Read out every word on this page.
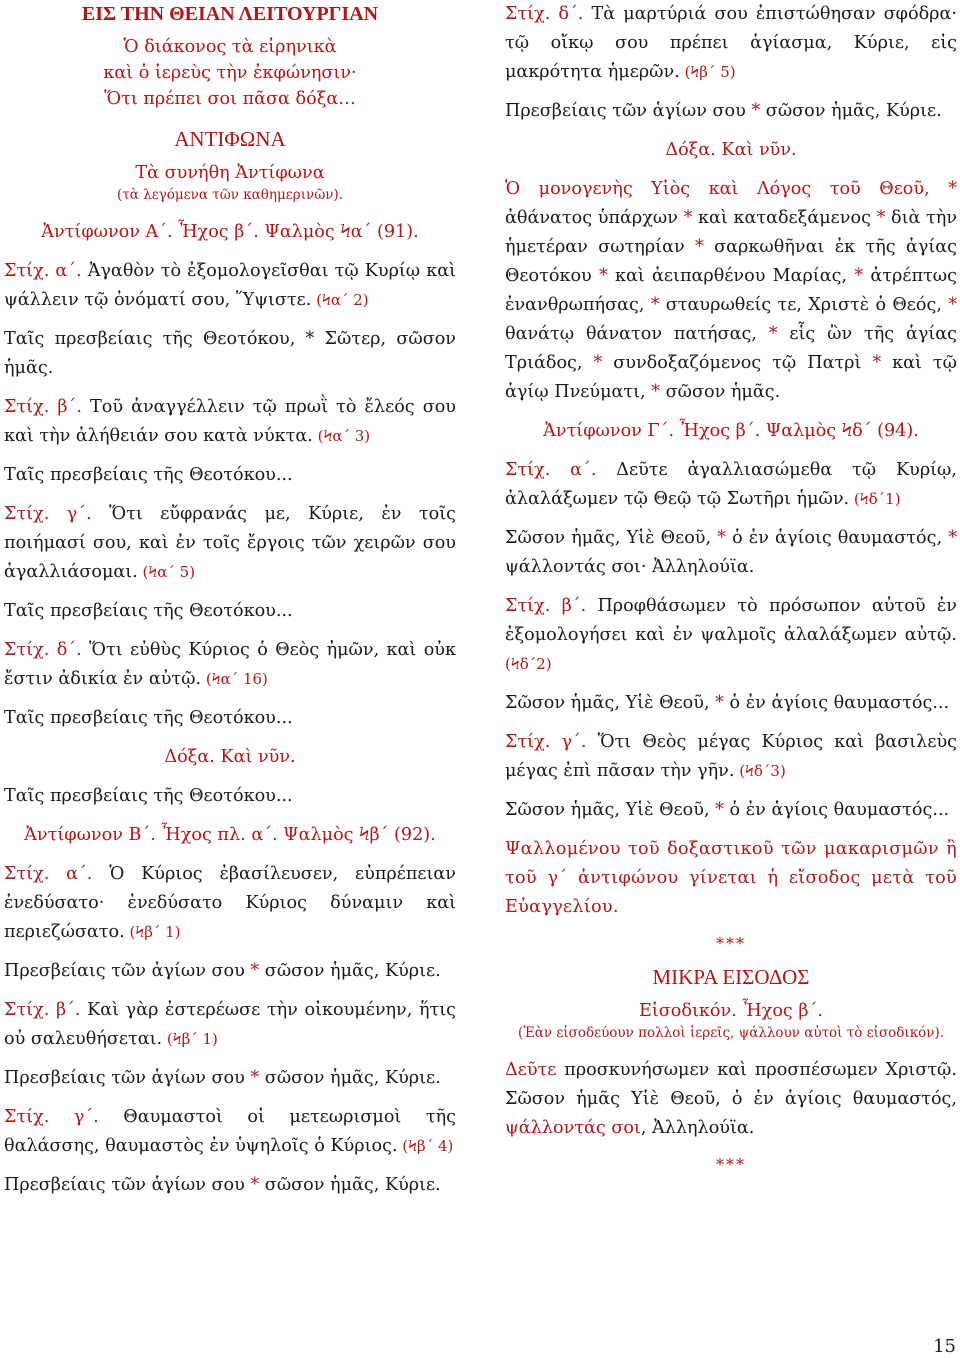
ΕΙΣ ΤΗΝ ΘΕΙΑΝ ΛΕΙΤΟΥΡΓΙΑΝ
Ὁ διάκονος τὰ εἰρηνικὰ
καὶ ὁ ἱερεὺς τὴν ἐκφώνησιν·
Ὅτι πρέπει σοι πᾶσα δόξα…
ΑΝΤΙΦΩΝΑ
Τὰ συνήθη Ἀντίφωνα
(τὰ λεγόμενα τῶν καθημερινῶν).

Ἀντίφωνον Α΄. Ἦχος β΄. Ψαλμὸς Ϟα΄ (91).

Στίχ. α΄. Ἀγαθὸν τὸ ἐξομολογεῖσθαι τῷ Κυρίῳ καὶ ψάλλειν τῷ ὀνόματί σου, Ὕψιστε. (Ϟα΄ 2)

Ταῖς πρεσβείαις τῆς Θεοτόκου, * Σῶτερ, σῶσον ἡμᾶς.

Στίχ. β΄. Τοῦ ἀναγγέλλειν τῷ πρωῒ τὸ ἔλεός σου καὶ τὴν ἀλήθειάν σου κατὰ νύκτα. (Ϟα΄ 3)

Ταῖς πρεσβείαις τῆς Θεοτόκου...

Στίχ. γ΄. Ὅτι εὔφρανάς με, Κύριε, ἐν τοῖς ποιήμασί σου, καὶ ἐν τοῖς ἔργοις τῶν χειρῶν σου ἀγαλλιάσομαι. (Ϟα΄ 5)

Ταῖς πρεσβείαις τῆς Θεοτόκου...

Στίχ. δ΄. Ὅτι εὐθὺς Κύριος ὁ Θεὸς ἡμῶν, καὶ οὐκ ἔστιν ἀδικία ἐν αὐτῷ. (Ϟα΄ 16)

Ταῖς πρεσβείαις τῆς Θεοτόκου...

Δόξα. Καὶ νῦν.

Ταῖς πρεσβείαις τῆς Θεοτόκου...

Ἀντίφωνον Β΄. Ἦχος πλ. α΄. Ψαλμὸς Ϟβ΄ (92).

Στίχ. α΄. Ὁ Κύριος ἐβασίλευσεν, εὐπρέπειαν ἐνεδύσατο· ἐνεδύσατο Κύριος δύναμιν καὶ περιεζώσατο. (Ϟβ΄ 1)

Πρεσβείαις τῶν ἁγίων σου * σῶσον ἡμᾶς, Κύριε.

Στίχ. β΄. Καὶ γὰρ ἐστερέωσε τὴν οἰκουμένην, ἥτις οὐ σαλευθήσεται. (Ϟβ΄ 1)

Πρεσβείαις τῶν ἁγίων σου * σῶσον ἡμᾶς, Κύριε.

Στίχ. γ΄. Θαυμαστοὶ οἱ μετεωρισμοὶ τῆς θαλάσσης, θαυμαστὸς ἐν ὑψηλοῖς ὁ Κύριος. (Ϟβ΄ 4)

Πρεσβείαις τῶν ἁγίων σου * σῶσον ἡμᾶς, Κύριε.

Στίχ. δ΄. Τὰ μαρτύριά σου ἐπιστώθησαν σφόδρα· τῷ οἴκῳ σου πρέπει ἁγίασμα, Κύριε, εἰς μακρότητα ἡμερῶν. (Ϟβ΄ 5)

Πρεσβείαις τῶν ἁγίων σου * σῶσον ἡμᾶς, Κύριε.

Δόξα. Καὶ νῦν.

Ὁ μονογενὴς Υἱὸς καὶ Λόγος τοῦ Θεοῦ, * ἀθάνατος ὑπάρχων * καὶ καταδεξάμενος * διὰ τὴν ἡμετέραν σωτηρίαν * σαρκωθῆναι ἐκ τῆς ἁγίας Θεοτόκου * καὶ ἀειπαρθένου Μαρίας, * ἀτρέπτως ἐνανθρωπήσας, * σταυρωθείς τε, Χριστὲ ὁ Θεός, * θανάτῳ θάνατον πατήσας, * εἷς ὢν τῆς ἁγίας Τριάδος, * συνδοξαζόμενος τῷ Πατρὶ * καὶ τῷ ἁγίῳ Πνεύματι, * σῶσον ἡμᾶς.

Ἀντίφωνον Γ΄. Ἦχος β΄. Ψαλμὸς Ϟδ΄ (94).

Στίχ. α΄. Δεῦτε ἀγαλλιασώμεθα τῷ Κυρίῳ, ἀλαλάξωμεν τῷ Θεῷ τῷ Σωτῆρι ἡμῶν. (Ϟδ΄1)

Σῶσον ἡμᾶς, Υἱὲ Θεοῦ, * ὁ ἐν ἁγίοις θαυμαστός, * ψάλλοντάς σοι· Ἀλληλούϊα.

Στίχ. β΄. Προφθάσωμεν τὸ πρόσωπον αὐτοῦ ἐν ἐξομολογήσει καὶ ἐν ψαλμοῖς ἀλαλάξωμεν αὐτῷ. (Ϟδ΄2)

Σῶσον ἡμᾶς, Υἱὲ Θεοῦ, * ὁ ἐν ἁγίοις θαυμαστός...

Στίχ. γ΄. Ὅτι Θεὸς μέγας Κύριος καὶ βασιλεὺς μέγας ἐπὶ πᾶσαν τὴν γῆν. (Ϟδ΄3)

Σῶσον ἡμᾶς, Υἱὲ Θεοῦ, * ὁ ἐν ἁγίοις θαυμαστός...

Ψαλλομένου τοῦ δοξαστικοῦ τῶν μακαρισμῶν ἢ τοῦ γ΄ ἀντιφώνου γίνεται ἡ εἴσοδος μετὰ τοῦ Εὐαγγελίου.

***
ΜΙΚΡΑ ΕΙΣΟΔΟΣ
Εἰσοδικόν. Ἦχος β΄.
(Ἐὰν εἰσοδεύουν πολλοὶ ἱερεῖς, ψάλλουν αὐτοὶ τὸ εἰσοδικόν).

Δεῦτε προσκυνήσωμεν καὶ προσπέσωμεν Χριστῷ. Σῶσον ἡμᾶς Υἱὲ Θεοῦ, ὁ ἐν ἁγίοις θαυμαστός, ψάλλοντάς σοι, Ἀλληλούϊα.

***
15
